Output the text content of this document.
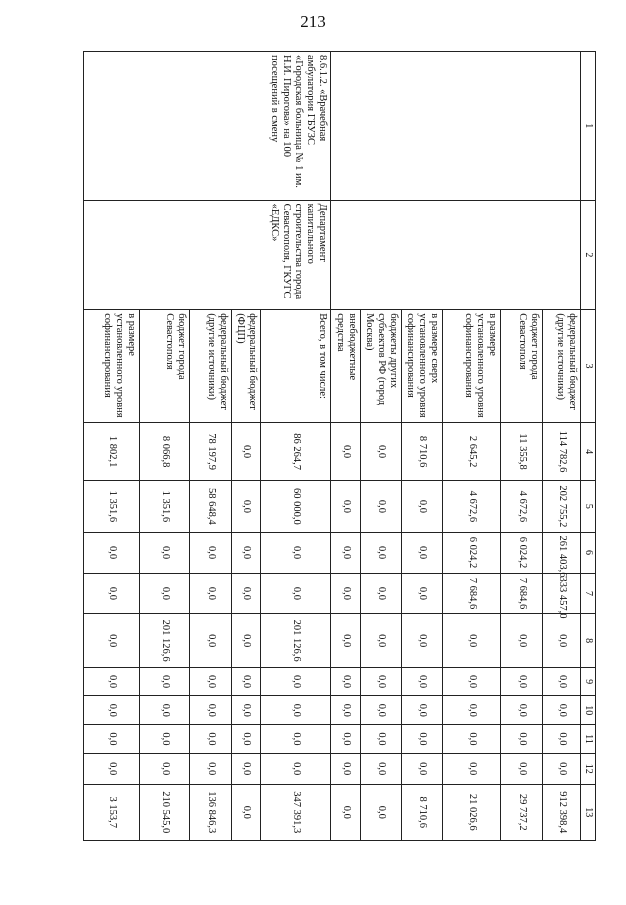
213
1	2	3	4	5	6	7	8	9	10	11	12	13
		федеральный бюджет (другие источники)	114 782,6	202 755,2	261 403,6	333 457,0	0,0	0,0	0,0	0,0	0,0	912 398,4
		бюджет города Севастополя	11 355,8	4 672,6	6 024,2	7 684,6	0,0	0,0	0,0	0,0	0,0	29 737,2
		в размере установленного уровня софинансирования	2 645,2	4 672,6	6 024,2	7 684,6	0,0	0,0	0,0	0,0	0,0	21 026,6
		в размере сверх установленного уровня софинансирования	8 710,6	0,0	0,0	0,0	0,0	0,0	0,0	0,0	0,0	8 710,6
		бюджеты других субъектов РФ (город Москва)	0,0	0,0	0,0	0,0	0,0	0,0	0,0	0,0	0,0	0,0
		внебюджетные средства	0,0	0,0	0,0	0,0	0,0	0,0	0,0	0,0	0,0	0,0
8.6.1.2. «Врачебная амбулатория ГБУЗС «Городская больница № 1 им. Н.И. Пирогова» на 100 посещений в смену	Департамент капитального строительства города Севастополя, ГКУГС «ЕДКС»	Всего, в том числе:	86 264,7	60 000,0	0,0	0,0	201 126,6	0,0	0,0	0,0	0,0	347 391,3
		федеральный бюджет (ФЦП)	0,0	0,0	0,0	0,0	0,0	0,0	0,0	0,0	0,0	0,0
		федеральный бюджет (другие источники)	78 197,9	58 648,4	0,0	0,0	0,0	0,0	0,0	0,0	0,0	136 846,3
		бюджет города Севастополя	8 066,8	1 351,6	0,0	0,0	201 126,6	0,0	0,0	0,0	0,0	210 545,0
		в размере установленного уровня софинансирования	1 802,1	1 351,6	0,0	0,0	0,0	0,0	0,0	0,0	0,0	3 153,7
